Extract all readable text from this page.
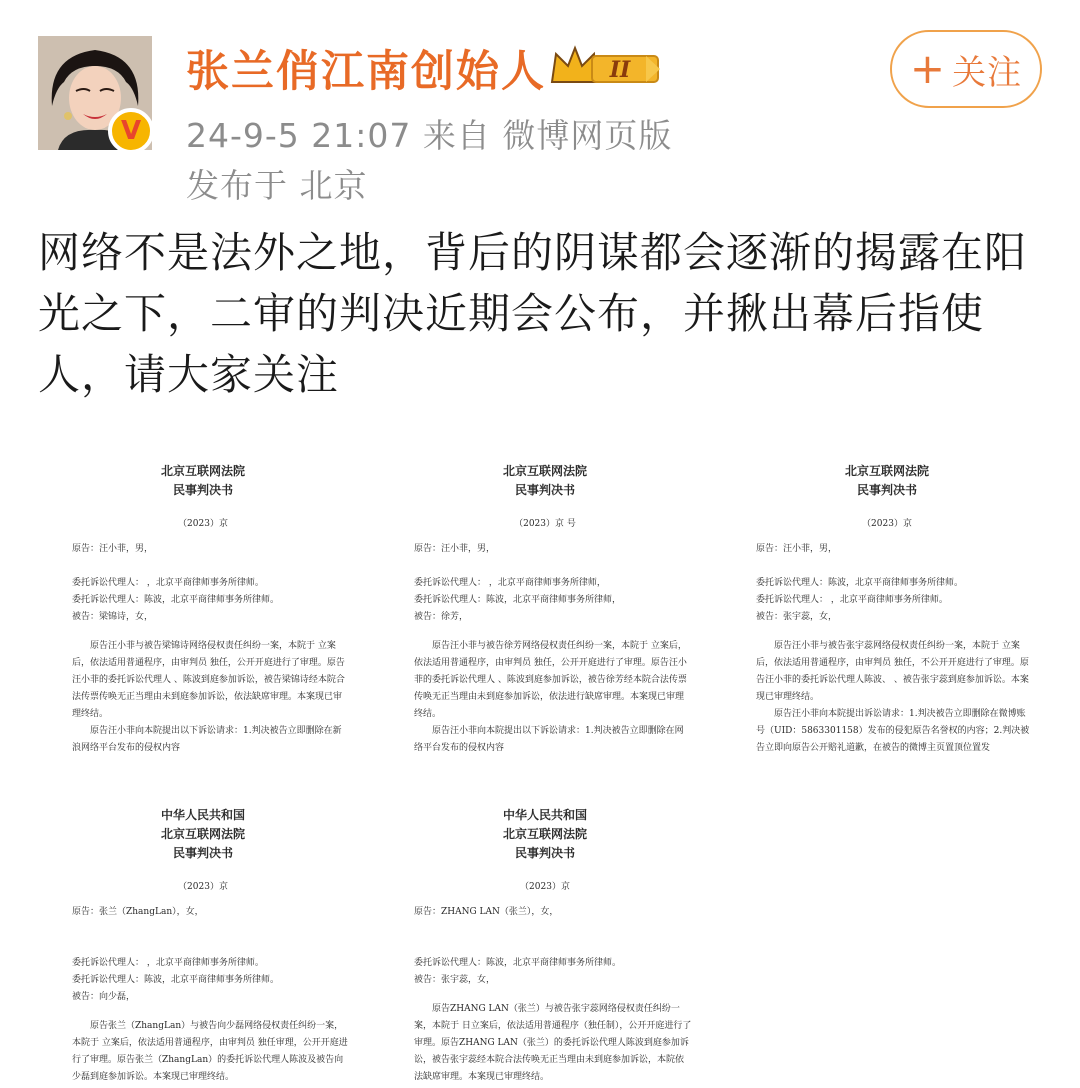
V
张兰俏江南创始人	II
24-9-5 21:07 来自 微博网页版
发布于 北京
+ 关注
网络不是法外之地，背后的阴谋都会逐渐的揭露在阳
光之下，二审的判决近期会公布，并揪出幕后指使
人，请大家关注
北京互联网法院
民事判决书
（2023）京
原告：汪小菲，男，

委托诉讼代理人： ，北京平商律师事务所律师。
委托诉讼代理人：陈波，北京平商律师事务所律师。
被告：梁锦诗，女，
原告汪小菲与被告梁锦诗网络侵权责任纠纷一案，本院于 立案后，依法适用普通程序，由审判员 独任，公开开庭进行了审理。原告汪小菲的委托诉讼代理人 、陈波到庭参加诉讼，被告梁锦诗经本院合法传票传唤无正当理由未到庭参加诉讼，依法缺席审理。本案现已审理终结。
原告汪小菲向本院提出以下诉讼请求：1.判决被告立即删除在新浪网络平台发布的侵权内容
北京互联网法院
民事判决书
（2023）京 号
原告：汪小菲，男，

委托诉讼代理人： ，北京平商律师事务所律师，
委托诉讼代理人：陈波，北京平商律师事务所律师，
被告：徐芳，
原告汪小菲与被告徐芳网络侵权责任纠纷一案，本院于 立案后，依法适用普通程序，由审判员 独任，公开开庭进行了审理。原告汪小菲的委托诉讼代理人 、陈波到庭参加诉讼，被告徐芳经本院合法传票传唤无正当理由未到庭参加诉讼，依法进行缺席审理。本案现已审理终结。
原告汪小菲向本院提出以下诉讼请求：1.判决被告立即删除在网络平台发布的侵权内容
北京互联网法院
民事判决书
（2023）京
原告：汪小菲，男，

委托诉讼代理人：陈波，北京平商律师事务所律师。
委托诉讼代理人： ，北京平商律师事务所律师。
被告：张宇蕊，女，
原告汪小菲与被告张宇蕊网络侵权责任纠纷一案，本院于 立案后，依法适用普通程序，由审判员 独任，不公开开庭进行了审理。原告汪小菲的委托诉讼代理人陈波、 、被告张宇蕊到庭参加诉讼。本案现已审理终结。
原告汪小菲向本院提出诉讼请求：1.判决被告立即删除在微博账号（UID：5863301158）发布的侵犯原告名誉权的内容；2.判决被告立即向原告公开赔礼道歉，在被告的微博主页置顶位置发
中华人民共和国
北京互联网法院
民事判决书
（2023）京
原告：张兰（ZhangLan），女，

委托诉讼代理人： ，北京平商律师事务所律师。
委托诉讼代理人：陈波，北京平商律师事务所律师。
被告：向少磊，
原告张兰（ZhangLan）与被告向少磊网络侵权责任纠纷一案，本院于 立案后，依法适用普通程序，由审判员 独任审理，公开开庭进行了审理。原告张兰（ZhangLan）的委托诉讼代理人陈波及被告向少磊到庭参加诉讼。本案现已审理终结。
中华人民共和国
北京互联网法院
民事判决书
（2023）京
原告：ZHANG LAN（张兰），女，

委托诉讼代理人：陈波，北京平商律师事务所律师。
被告：张宇蕊，女，
原告ZHANG LAN（张兰）与被告张宇蕊网络侵权责任纠纷一案，本院于 日立案后，依法适用普通程序（独任制），公开开庭进行了审理。原告ZHANG LAN（张兰）的委托诉讼代理人陈波到庭参加诉讼，被告张宇蕊经本院合法传唤无正当理由未到庭参加诉讼，本院依法缺席审理。本案现已审理终结。
